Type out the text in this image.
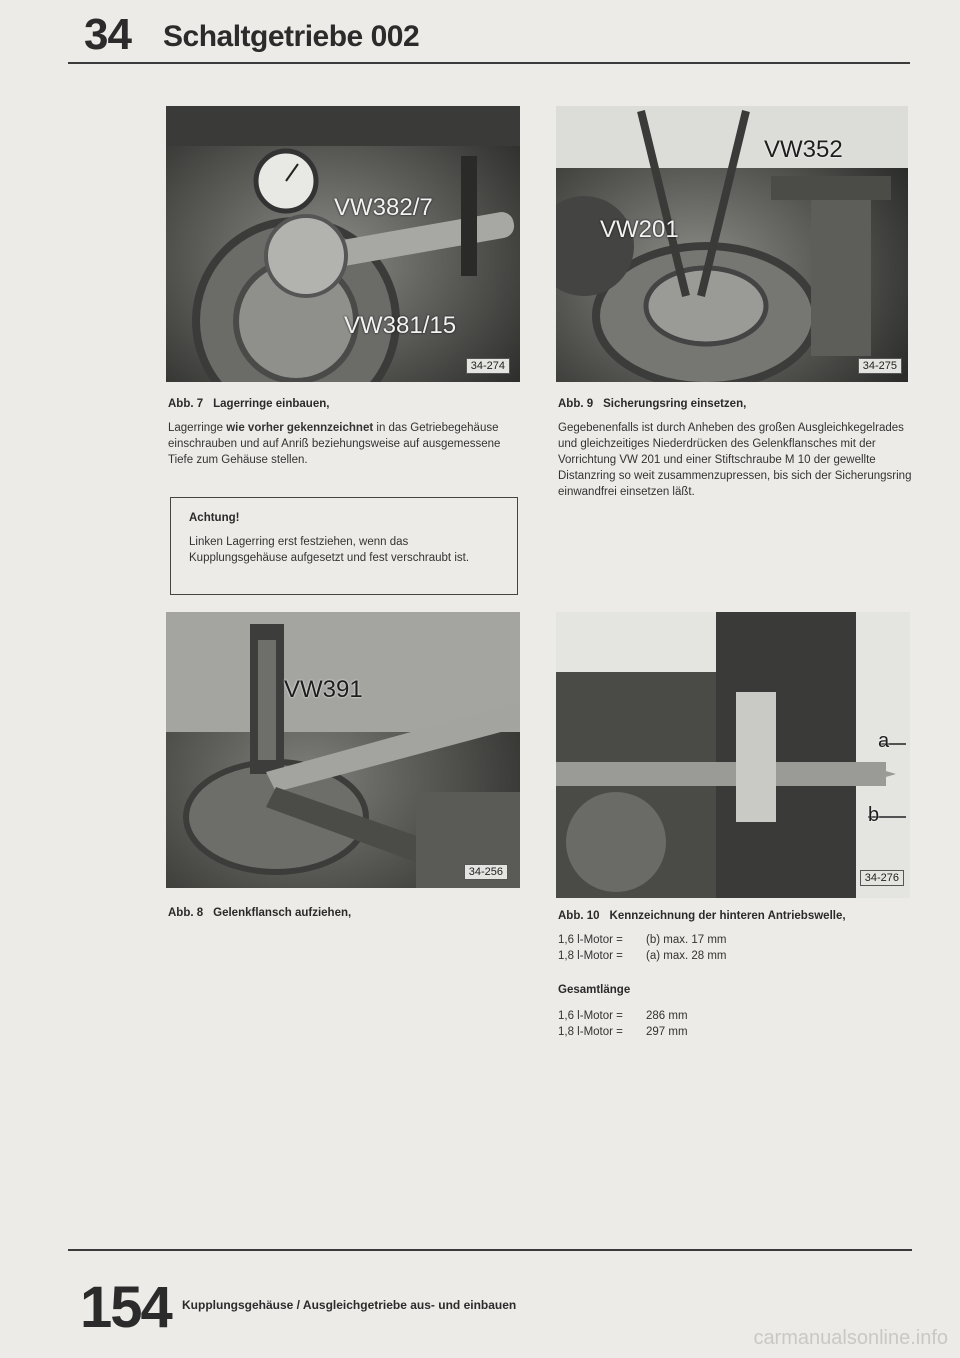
34 Schaltgetriebe 002
VW382/7
VW381/15
34-274
VW352
VW201
34-275
Abb. 7 Lagerringe einbauen,
Lagerringe wie vorher gekennzeichnet in das Getriebegehäuse einschrauben und auf Anriß beziehungsweise auf ausgemessene Tiefe zum Gehäuse stellen.
Achtung!
Linken Lagerring erst festziehen, wenn das Kupplungsgehäuse aufgesetzt und fest verschraubt ist.
Abb. 9 Sicherungsring einsetzen,
Gegebenenfalls ist durch Anheben des großen Ausgleichkegelrades und gleichzeitiges Niederdrücken des Gelenkflansches mit der Vorrichtung VW 201 und einer Stiftschraube M 10 der gewellte Distanzring so weit zusammenzupressen, bis sich der Sicherungsring einwandfrei einsetzen läßt.
VW391
34-256
a
b
34-276
Abb. 8 Gelenkflansch aufziehen,	Abb. 10 Kennzeichnung der hinteren Antriebswelle,
1,6 l-Motor = (b) max. 17 mm
1,8 l-Motor = (a) max. 28 mm
Gesamtlänge
1,6 l-Motor = 286 mm
1,8 l-Motor = 297 mm
154 Kupplungsgehäuse / Ausgleichgetriebe aus- und einbauen
carmanualsonline.info
